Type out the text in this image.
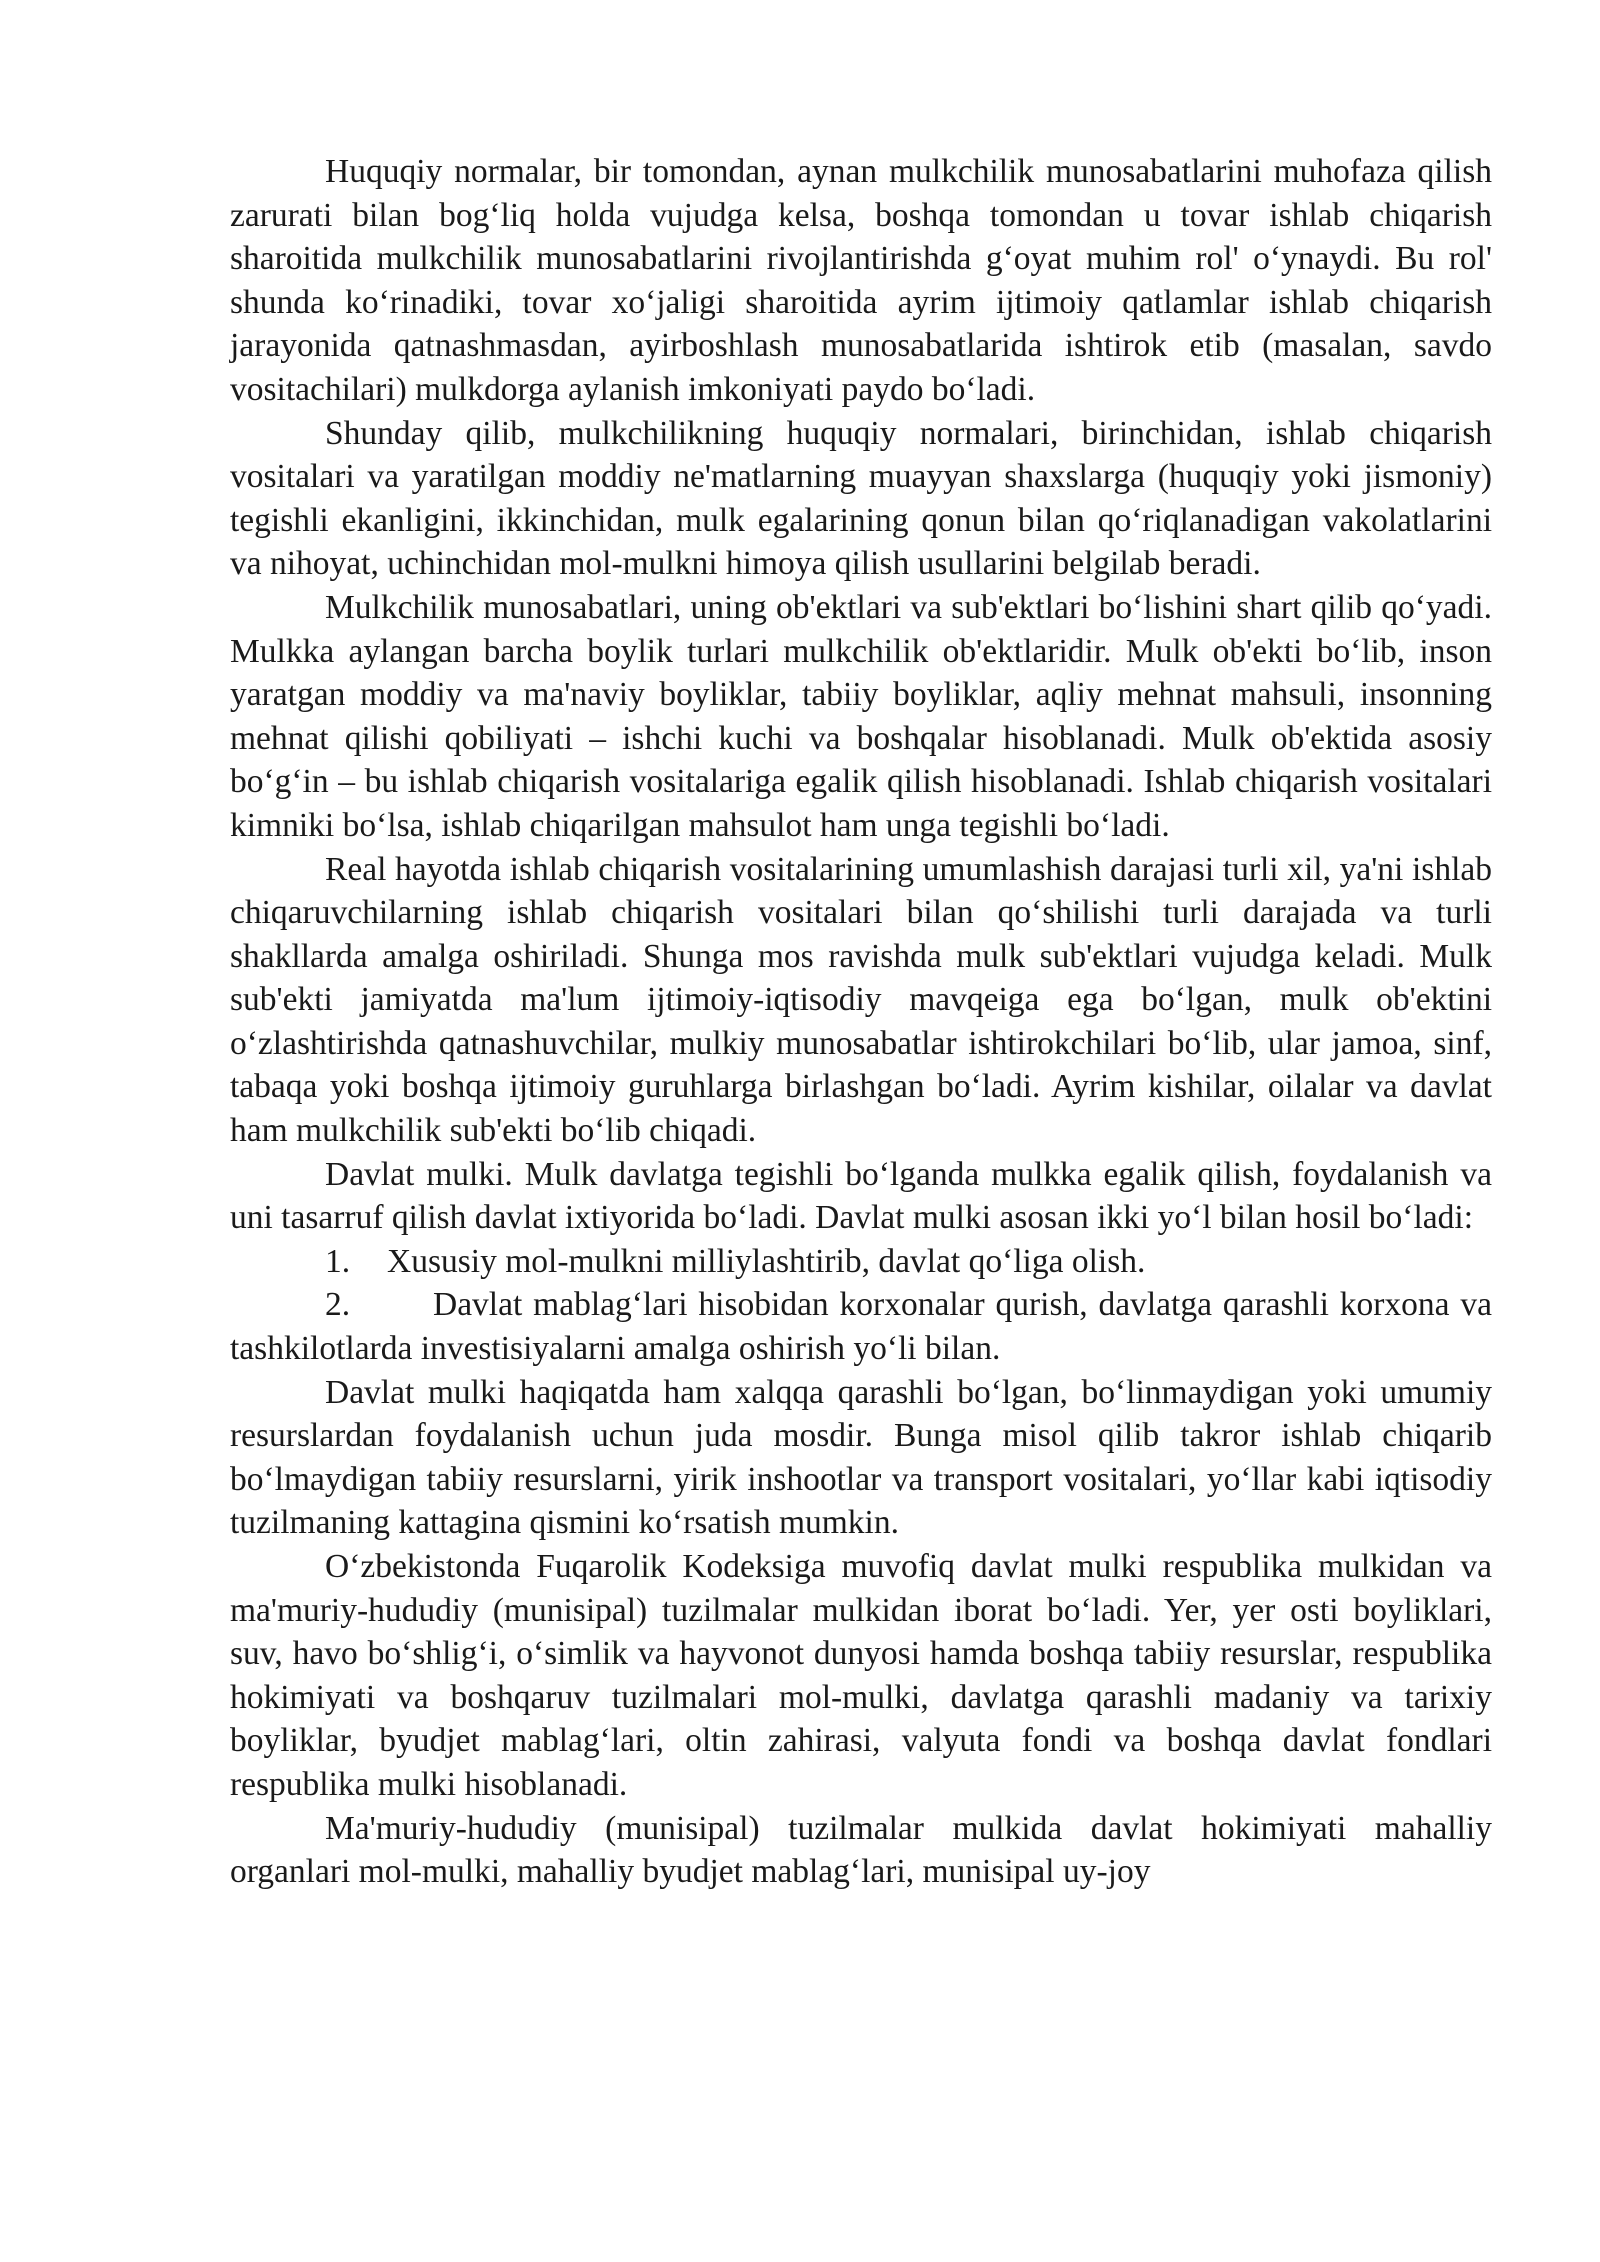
Huquqiy normalar, bir tomondan, aynan mulkchilik munosabatlarini muhofaza qilish zarurati bilan bog‘liq holda vujudga kelsa, boshqa tomondan u tovar ishlab chiqarish sharoitida mulkchilik munosabatlarini rivojlantirishda g‘oyat muhim rol' o‘ynaydi. Bu rol' shunda ko‘rinadiki, tovar xo‘jaligi sharoitida ayrim ijtimoiy qatlamlar ishlab chiqarish jarayonida qatnashmasdan, ayirboshlash munosabatlarida ishtirok etib (masalan, savdo vositachilari) mulkdorga aylanish imkoniyati paydo bo‘ladi.

Shunday qilib, mulkchilikning huquqiy normalari, birinchidan, ishlab chiqarish vositalari va yaratilgan moddiy ne'matlarning muayyan shaxslarga (huquqiy yoki jismoniy) tegishli ekanligini, ikkinchidan, mulk egalarining qonun bilan qo‘riqlanadigan vakolatlarini va nihoyat, uchinchidan mol-mulkni himoya qilish usullarini belgilab beradi.

Mulkchilik munosabatlari, uning ob'ektlari va sub'ektlari bo‘lishini shart qilib qo‘yadi. Mulkka aylangan barcha boylik turlari mulkchilik ob'ektlaridir. Mulk ob'ekti bo‘lib, inson yaratgan moddiy va ma'naviy boyliklar, tabiiy boyliklar, aqliy mehnat mahsuli, insonning mehnat qilishi qobiliyati – ishchi kuchi va boshqalar hisoblanadi. Mulk ob'ektida asosiy bo‘g‘in – bu ishlab chiqarish vositalariga egalik qilish hisoblanadi. Ishlab chiqarish vositalari kimniki bo‘lsa, ishlab chiqarilgan mahsulot ham unga tegishli bo‘ladi.

Real hayotda ishlab chiqarish vositalarining umumlashish darajasi turli xil, ya'ni ishlab chiqaruvchilarning ishlab chiqarish vositalari bilan qo‘shilishi turli darajada va turli shakllarda amalga oshiriladi. Shunga mos ravishda mulk sub'ektlari vujudga keladi. Mulk sub'ekti jamiyatda ma'lum ijtimoiy-iqtisodiy mavqeiga ega bo‘lgan, mulk ob'ektini o‘zlashtirishda qatnashuvchilar, mulkiy munosabatlar ishtirokchilari bo‘lib, ular jamoa, sinf, tabaqa yoki boshqa ijtimoiy guruhlarga birlashgan bo‘ladi. Ayrim kishilar, oilalar va davlat ham mulkchilik sub'ekti bo‘lib chiqadi.

Davlat mulki. Mulk davlatga tegishli bo‘lganda mulkka egalik qilish, foydalanish va uni tasarruf qilish davlat ixtiyorida bo‘ladi. Davlat mulki asosan ikki yo‘l bilan hosil bo‘ladi:

1. Xususiy mol-mulkni milliylashtirib, davlat qo‘liga olish.

2. Davlat mablag‘lari hisobidan korxonalar qurish, davlatga qarashli korxona va tashkilotlarda investisiyalarni amalga oshirish yo‘li bilan.

Davlat mulki haqiqatda ham xalqqa qarashli bo‘lgan, bo‘linmaydigan yoki umumiy resurslardan foydalanish uchun juda mosdir. Bunga misol qilib takror ishlab chiqarib bo‘lmaydigan tabiiy resurslarni, yirik inshootlar va transport vositalari, yo‘llar kabi iqtisodiy tuzilmaning kattagina qismini ko‘rsatish mumkin.

O‘zbekistonda Fuqarolik Kodeksiga muvofiq davlat mulki respublika mulkidan va ma'muriy-hududiy (munisipal) tuzilmalar mulkidan iborat bo‘ladi. Yer, yer osti boyliklari, suv, havo bo‘shlig‘i, o‘simlik va hayvonot dunyosi hamda boshqa tabiiy resurslar, respublika hokimiyati va boshqaruv tuzilmalari mol-mulki, davlatga qarashli madaniy va tarixiy boyliklar, byudjet mablag‘lari, oltin zahirasi, valyuta fondi va boshqa davlat fondlari respublika mulki hisoblanadi.

Ma'muriy-hududiy (munisipal) tuzilmalar mulkida davlat hokimiyati mahalliy organlari mol-mulki, mahalliy byudjet mablag‘lari, munisipal uy-joy
